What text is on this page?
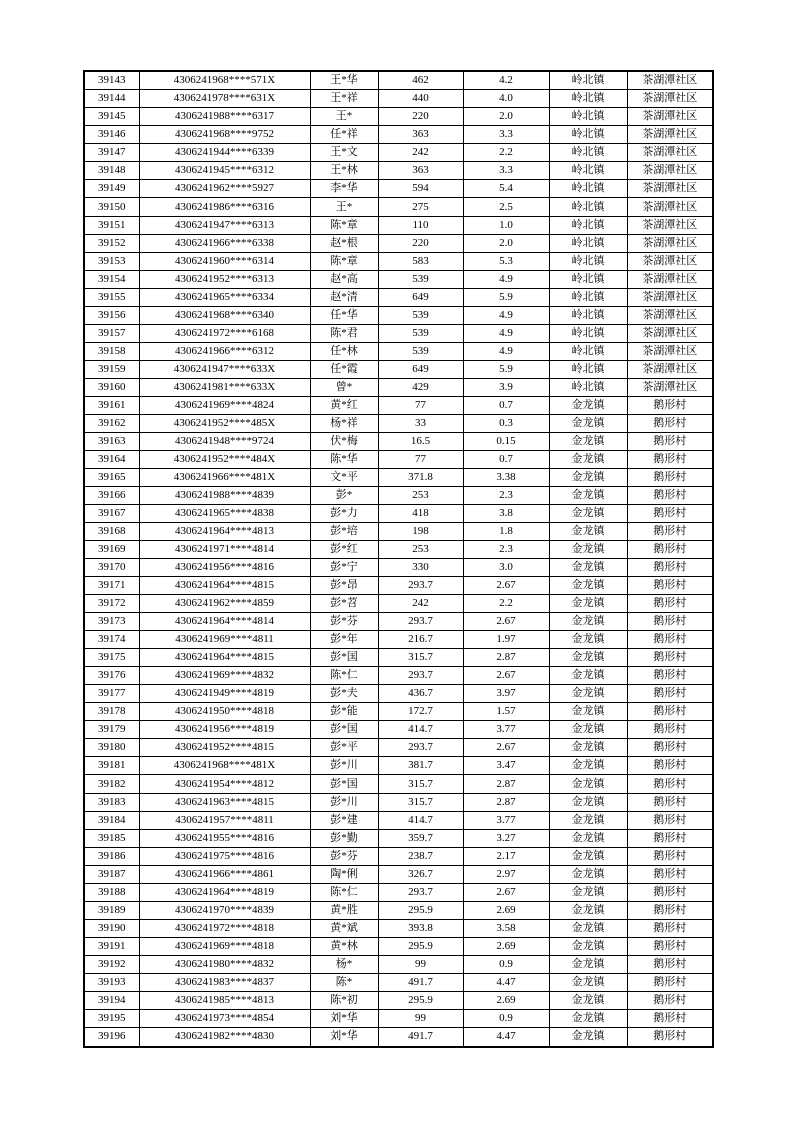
39143	4306241968****571X	王*华	462	4.2	岭北镇	茶湖潭社区
39144	4306241978****631X	王*祥	440	4.0	岭北镇	茶湖潭社区
39145	4306241988****6317	王*	220	2.0	岭北镇	茶湖潭社区
39146	4306241968****9752	任*祥	363	3.3	岭北镇	茶湖潭社区
39147	4306241944****6339	王*文	242	2.2	岭北镇	茶湖潭社区
39148	4306241945****6312	王*林	363	3.3	岭北镇	茶湖潭社区
39149	4306241962****5927	李*华	594	5.4	岭北镇	茶湖潭社区
39150	4306241986****6316	王*	275	2.5	岭北镇	茶湖潭社区
39151	4306241947****6313	陈*章	110	1.0	岭北镇	茶湖潭社区
39152	4306241966****6338	赵*根	220	2.0	岭北镇	茶湖潭社区
39153	4306241960****6314	陈*章	583	5.3	岭北镇	茶湖潭社区
39154	4306241952****6313	赵*高	539	4.9	岭北镇	茶湖潭社区
39155	4306241965****6334	赵*清	649	5.9	岭北镇	茶湖潭社区
39156	4306241968****6340	任*华	539	4.9	岭北镇	茶湖潭社区
39157	4306241972****6168	陈*君	539	4.9	岭北镇	茶湖潭社区
39158	4306241966****6312	任*林	539	4.9	岭北镇	茶湖潭社区
39159	4306241947****633X	任*霞	649	5.9	岭北镇	茶湖潭社区
39160	4306241981****633X	曾*	429	3.9	岭北镇	茶湖潭社区
39161	4306241969****4824	黄*红	77	0.7	金龙镇	鹅形村
39162	4306241952****485X	杨*祥	33	0.3	金龙镇	鹅形村
39163	4306241948****9724	伏*梅	16.5	0.15	金龙镇	鹅形村
39164	4306241952****484X	陈*华	77	0.7	金龙镇	鹅形村
39165	4306241966****481X	文*平	371.8	3.38	金龙镇	鹅形村
39166	4306241988****4839	彭*	253	2.3	金龙镇	鹅形村
39167	4306241965****4838	彭*力	418	3.8	金龙镇	鹅形村
39168	4306241964****4813	彭*培	198	1.8	金龙镇	鹅形村
39169	4306241971****4814	彭*红	253	2.3	金龙镇	鹅形村
39170	4306241956****4816	彭*宁	330	3.0	金龙镇	鹅形村
39171	4306241964****4815	彭*昂	293.7	2.67	金龙镇	鹅形村
39172	4306241962****4859	彭*苕	242	2.2	金龙镇	鹅形村
39173	4306241964****4814	彭*芬	293.7	2.67	金龙镇	鹅形村
39174	4306241969****4811	彭*年	216.7	1.97	金龙镇	鹅形村
39175	4306241964****4815	彭*国	315.7	2.87	金龙镇	鹅形村
39176	4306241969****4832	陈*仁	293.7	2.67	金龙镇	鹅形村
39177	4306241949****4819	彭*夫	436.7	3.97	金龙镇	鹅形村
39178	4306241950****4818	彭*能	172.7	1.57	金龙镇	鹅形村
39179	4306241956****4819	彭*国	414.7	3.77	金龙镇	鹅形村
39180	4306241952****4815	彭*平	293.7	2.67	金龙镇	鹅形村
39181	4306241968****481X	彭*川	381.7	3.47	金龙镇	鹅形村
39182	4306241954****4812	彭*国	315.7	2.87	金龙镇	鹅形村
39183	4306241963****4815	彭*川	315.7	2.87	金龙镇	鹅形村
39184	4306241957****4811	彭*建	414.7	3.77	金龙镇	鹅形村
39185	4306241955****4816	彭*勤	359.7	3.27	金龙镇	鹅形村
39186	4306241975****4816	彭*芬	238.7	2.17	金龙镇	鹅形村
39187	4306241966****4861	陶*俐	326.7	2.97	金龙镇	鹅形村
39188	4306241964****4819	陈*仁	293.7	2.67	金龙镇	鹅形村
39189	4306241970****4839	黄*胜	295.9	2.69	金龙镇	鹅形村
39190	4306241972****4818	黄*斌	393.8	3.58	金龙镇	鹅形村
39191	4306241969****4818	黄*林	295.9	2.69	金龙镇	鹅形村
39192	4306241980****4832	杨*	99	0.9	金龙镇	鹅形村
39193	4306241983****4837	陈*	491.7	4.47	金龙镇	鹅形村
39194	4306241985****4813	陈*初	295.9	2.69	金龙镇	鹅形村
39195	4306241973****4854	刘*华	99	0.9	金龙镇	鹅形村
39196	4306241982****4830	刘*华	491.7	4.47	金龙镇	鹅形村
